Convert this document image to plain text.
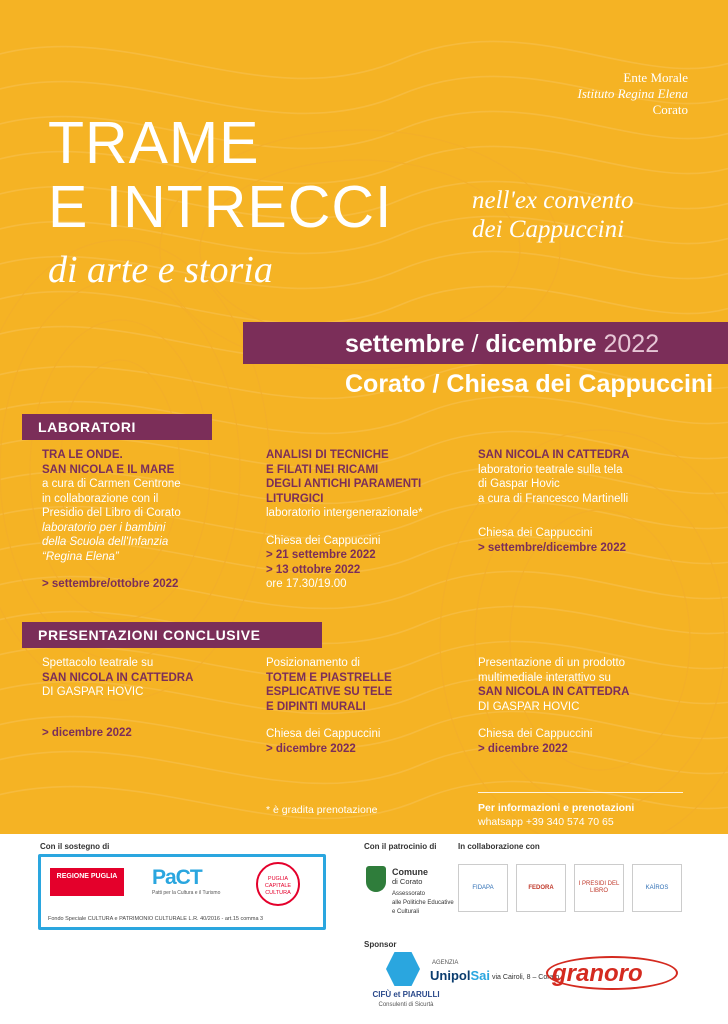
Ente Morale
Istituto Regina Elena
Corato
TRAME
E INTRECCI
di arte e storia
nell'ex convento
dei Cappuccini
settembre / dicembre 2022
Corato / Chiesa dei Cappuccini
LABORATORI

TRA LE ONDE.

SAN NICOLA E IL MARE

a cura di Carmen Centrone

in collaborazione con il

Presidio del Libro di Corato

laboratorio per i bambini

della Scuola dell'Infanzia

“Regina Elena”

> settembre/ottobre 2022

ANALISI DI TECNICHE

E FILATI NEI RICAMI

DEGLI ANTICHI PARAMENTI

LITURGICI

laboratorio intergenerazionale*

Chiesa dei Cappuccini

> 21 settembre 2022

> 13 ottobre 2022

ore 17.30/19.00

SAN NICOLA IN CATTEDRA

laboratorio teatrale sulla tela

di Gaspar Hovic

a cura di Francesco Martinelli

Chiesa dei Cappuccini

> settembre/dicembre 2022

PRESENTAZIONI CONCLUSIVE

Spettacolo teatrale su

SAN NICOLA IN CATTEDRA

DI GASPAR HOVIC

> dicembre 2022

Posizionamento di

TOTEM E PIASTRELLE

ESPLICATIVE SU TELE

E DIPINTI MURALI

Chiesa dei Cappuccini

> dicembre 2022

Presentazione di un prodotto

multimediale interattivo su

SAN NICOLA IN CATTEDRA

DI GASPAR HOVIC

Chiesa dei Cappuccini

> dicembre 2022

* è gradita prenotazione	Per informazioni e prenotazioni
whatsapp +39 340 574 70 65
Con il sostegno di
REGIONE PUGLIA	PaCT
Patti per la Cultura e il Turismo
PUGLIA CAPITALE CULTURA
Fondo Speciale CULTURA e PATRIMONIO CULTURALE L.R. 40/2016 - art.15 comma 3
Con il patrocinio di
Comune
di Corato
Assessorato
alle Politiche Educative
e Culturali
In collaborazione con
FIDAPA	FEDORA
I PRESIDI DEL LIBRO
KAÌROS
Sponsor
CIFÙ et PIARULLI
Consulenti di Sicurtà
UnipolSai
AGENZIA
via Cairoli, 8 – Corato
granoro
